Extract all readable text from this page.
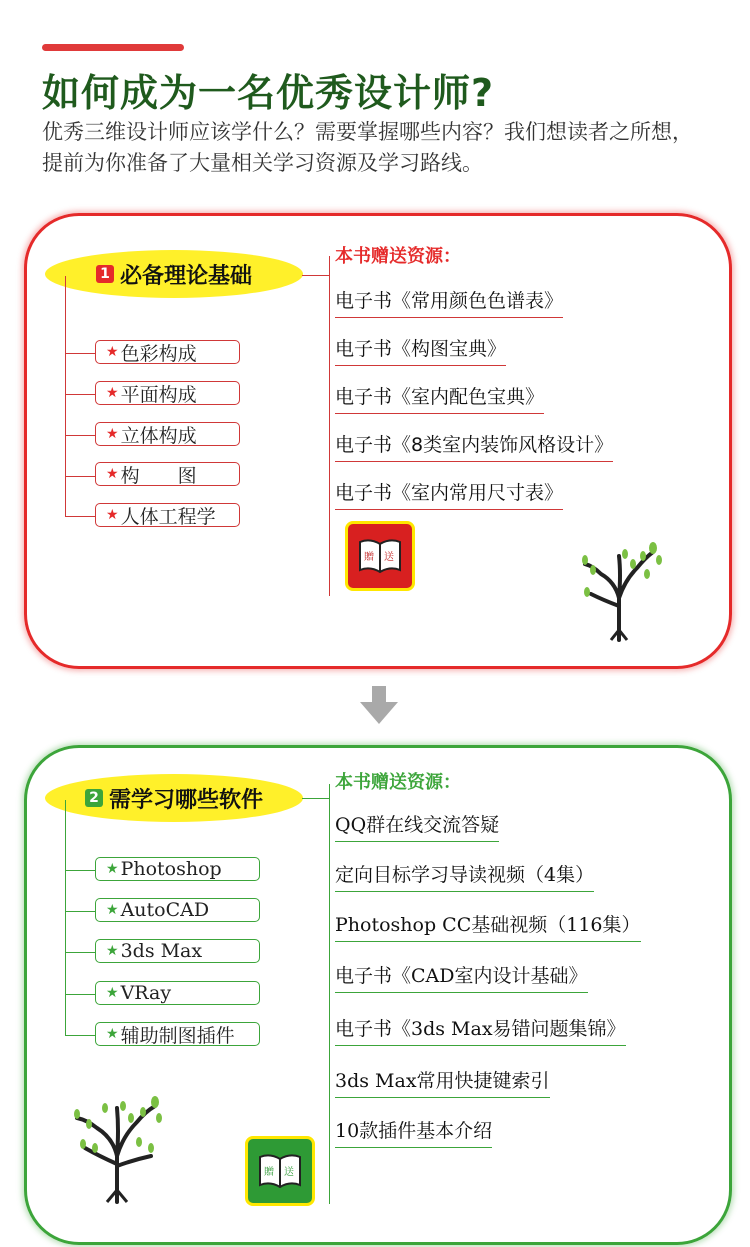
如何成为一名优秀设计师?
优秀三维设计师应该学什么？需要掌握哪些内容？我们想读者之所想，提前为你准备了大量相关学习资源及学习路线。
1 必备理论基础
★ 色彩构成
★ 平面构成
★ 立体构成
★ 构　　图
★ 人体工程学
本书赠送资源：
电子书《常用颜色色谱表》
电子书《构图宝典》
电子书《室内配色宝典》
电子书《8类室内装饰风格设计》
电子书《室内常用尺寸表》
贈 送
2 需学习哪些软件
★ Photoshop
★ AutoCAD
★ 3ds Max
★ VRay
★ 辅助制图插件
本书赠送资源：
QQ群在线交流答疑
定向目标学习导读视频（4集）
Photoshop CC基础视频（116集）
电子书《CAD室内设计基础》
电子书《3ds Max易错问题集锦》
3ds Max常用快捷键索引
10款插件基本介绍
贈 送
